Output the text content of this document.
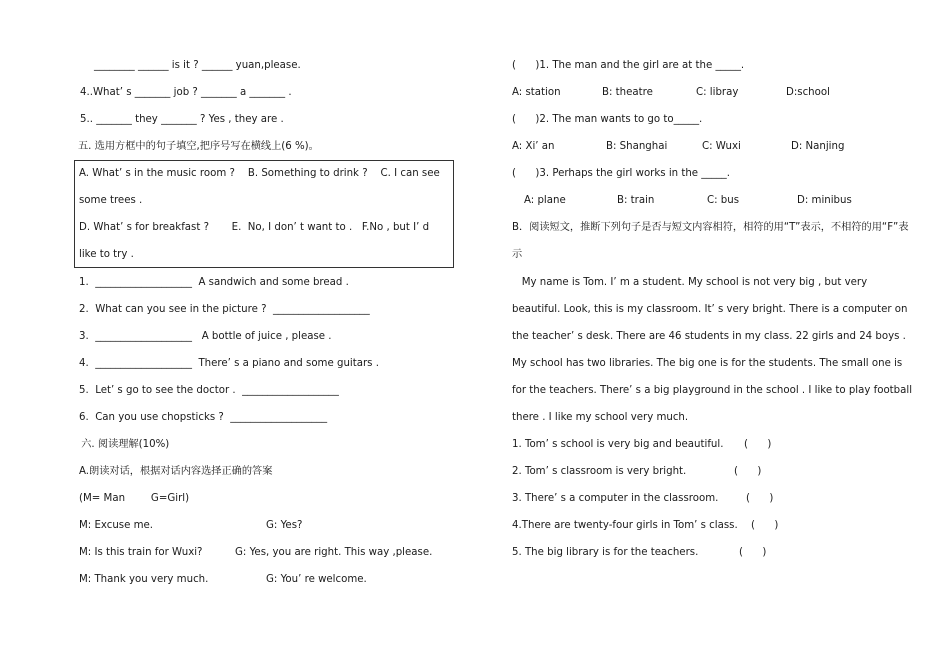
________ ______ is it ? ______ yuan,please.
4..What’ s _______ job ? _______ a _______ .
5.. _______ they _______ ? Yes , they are .
五. 选用方框中的句子填空,把序号写在横线上(6 %)。
A. What’ s in the music room ?    B. Something to drink ?    C. I can see
some trees .
D. What’ s for breakfast ?       E.  No, I don’ t want to .   F.No , but I’ d
like to try .
1.  ___________________  A sandwich and some bread .
2.  What can you see in the picture ?  ___________________
3.  ___________________   A bottle of juice , please .
4.  ___________________  There’ s a piano and some guitars .
5.  Let’ s go to see the doctor .  ___________________
6.  Can you use chopsticks ?  ___________________
六. 阅读理解(10%)
A.朗读对话，根据对话内容选择正确的答案
(M= Man        G=Girl)
M: Excuse me.	G: Yes?
M: Is this train for Wuxi?	G: Yes, you are right. This way ,please.
M: Thank you very much.	G: You’ re welcome.
(      )1. The man and the girl are at the _____.
A: station	B: theatre	C: libray	D:school
(      )2. The man wants to go to_____.
A: Xi’ an	B: Shanghai	C: Wuxi	D: Nanjing
(      )3. Perhaps the girl works in the _____.
A: plane	B: train	C: bus	D: minibus
B．阅读短文，推断下列句子是否与短文内容相符，相符的用“T”表示，不相符的用“F”表
示
My name is Tom. I’ m a student. My school is not very big , but very
beautiful. Look, this is my classroom. It’ s very bright. There is a computer on
the teacher’ s desk. There are 46 students in my class. 22 girls and 24 boys .
My school has two libraries. The big one is for the students. The small one is
for the teachers. There’ s a big playground in the school . I like to play football
there . I like my school very much.
1. Tom’ s school is very big and beautiful. (      )
2. Tom’ s classroom is very bright.	(      )
3. There’ s a computer in the classroom.	(      )
4.There are twenty-four girls in Tom’ s class. (      )
5. The big library is for the teachers.	(      )
